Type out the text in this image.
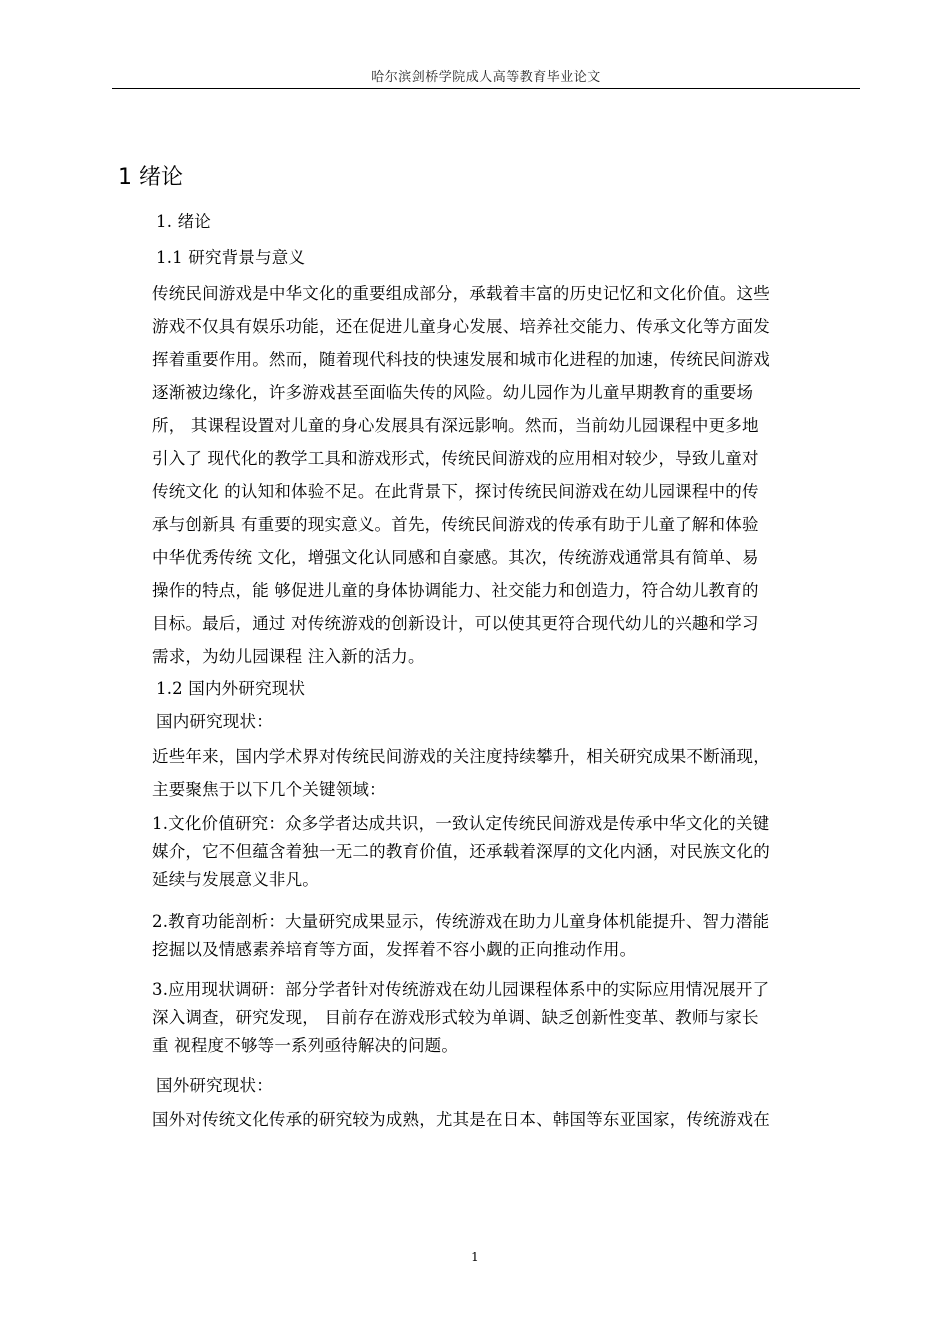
哈尔滨剑桥学院成人高等教育毕业论文
1 绪论
1. 绪论
1.1 研究背景与意义
传统民间游戏是中华文化的重要组成部分，承载着丰富的历史记忆和文化价值。这些
游戏不仅具有娱乐功能，还在促进儿童身心发展、培养社交能力、传承文化等方面发
挥着重要作用。然而，随着现代科技的快速发展和城市化进程的加速，传统民间游戏
逐渐被边缘化，许多游戏甚至面临失传的风险。幼儿园作为儿童早期教育的重要场
所， 其课程设置对儿童的身心发展具有深远影响。然而，当前幼儿园课程中更多地
引入了 现代化的教学工具和游戏形式，传统民间游戏的应用相对较少，导致儿童对
传统文化 的认知和体验不足。在此背景下，探讨传统民间游戏在幼儿园课程中的传
承与创新具 有重要的现实意义。首先，传统民间游戏的传承有助于儿童了解和体验
中华优秀传统 文化，增强文化认同感和自豪感。其次，传统游戏通常具有简单、易
操作的特点，能 够促进儿童的身体协调能力、社交能力和创造力，符合幼儿教育的
目标。最后，通过 对传统游戏的创新设计，可以使其更符合现代幼儿的兴趣和学习
需求，为幼儿园课程 注入新的活力。
1.2 国内外研究现状
国内研究现状：
近些年来，国内学术界对传统民间游戏的关注度持续攀升，相关研究成果不断涌现，
主要聚焦于以下几个关键领域：
1.文化价值研究：众多学者达成共识，一致认定传统民间游戏是传承中华文化的关键
媒介，它不但蕴含着独一无二的教育价值，还承载着深厚的文化内涵，对民族文化的
延续与发展意义非凡。
2.教育功能剖析：大量研究成果显示，传统游戏在助力儿童身体机能提升、智力潜能
挖掘以及情感素养培育等方面，发挥着不容小觑的正向推动作用。
3.应用现状调研：部分学者针对传统游戏在幼儿园课程体系中的实际应用情况展开了
深入调查，研究发现， 目前存在游戏形式较为单调、缺乏创新性变革、教师与家长
重 视程度不够等一系列亟待解决的问题。
国外研究现状：
国外对传统文化传承的研究较为成熟，尤其是在日本、韩国等东亚国家，传统游戏在
1
